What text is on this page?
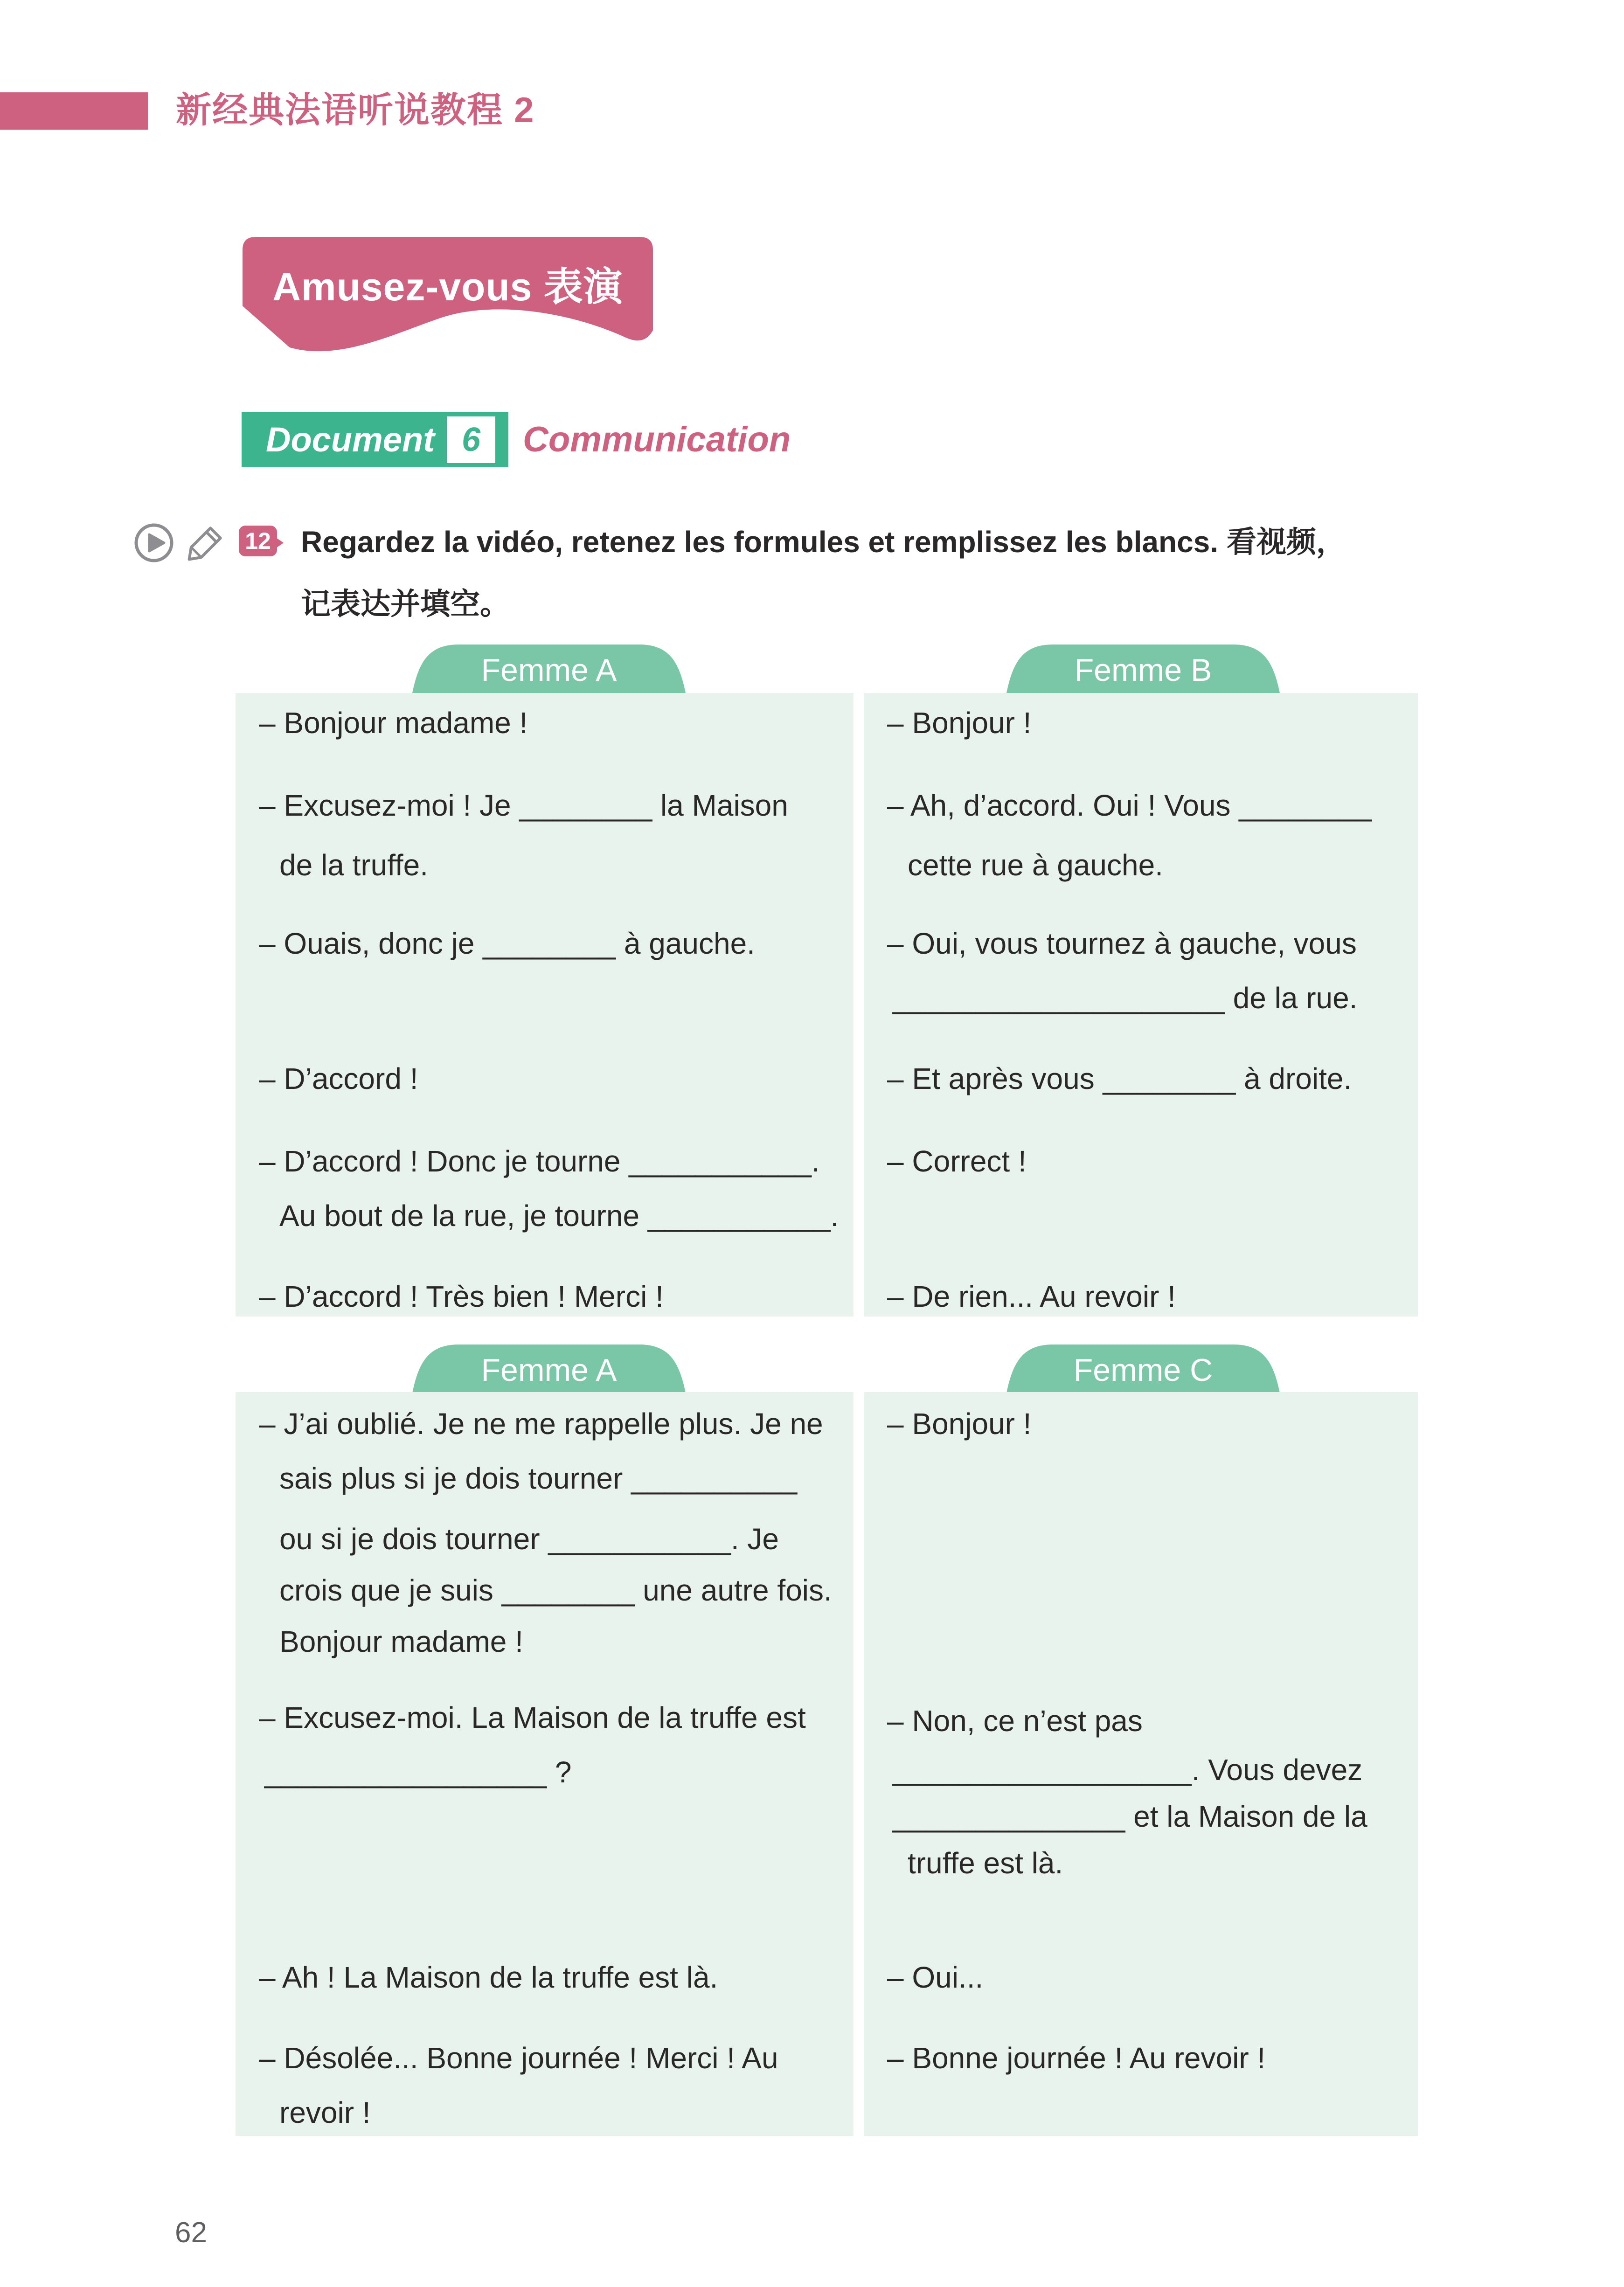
新经典法语听说教程 2
Amusez-vous 表演
Document 6	Communication
12 Regardez la vidéo, retenez les formules et remplissez les blancs. 看视频，
记表达并填空。
Femme A	Femme B
– Bonjour madame !
– Excusez-moi ! Je ________ la Maison
de la truffe.
– Ouais, donc je ________ à gauche.
– D’accord !
– D’accord ! Donc je tourne ___________.
Au bout de la rue, je tourne ___________.
– D’accord ! Très bien ! Merci !
– Bonjour !
– Ah, d’accord. Oui ! Vous ________
cette rue à gauche.
– Oui, vous tournez à gauche, vous
____________________ de la rue.
– Et après vous ________ à droite.
– Correct !
– De rien... Au revoir !
Femme A	Femme C
– J’ai oublié. Je ne me rappelle plus. Je ne
sais plus si je dois tourner __________
ou si je dois tourner ___________. Je
crois que je suis ________ une autre fois.
Bonjour madame !
– Excusez-moi. La Maison de la truffe est
_________________ ?
– Ah ! La Maison de la truffe est là.
– Désolée... Bonne journée ! Merci ! Au
revoir !
– Bonjour !
– Non, ce n’est pas
__________________. Vous devez
______________ et la Maison de la
truffe est là.
– Oui...
– Bonne journée ! Au revoir !
62
